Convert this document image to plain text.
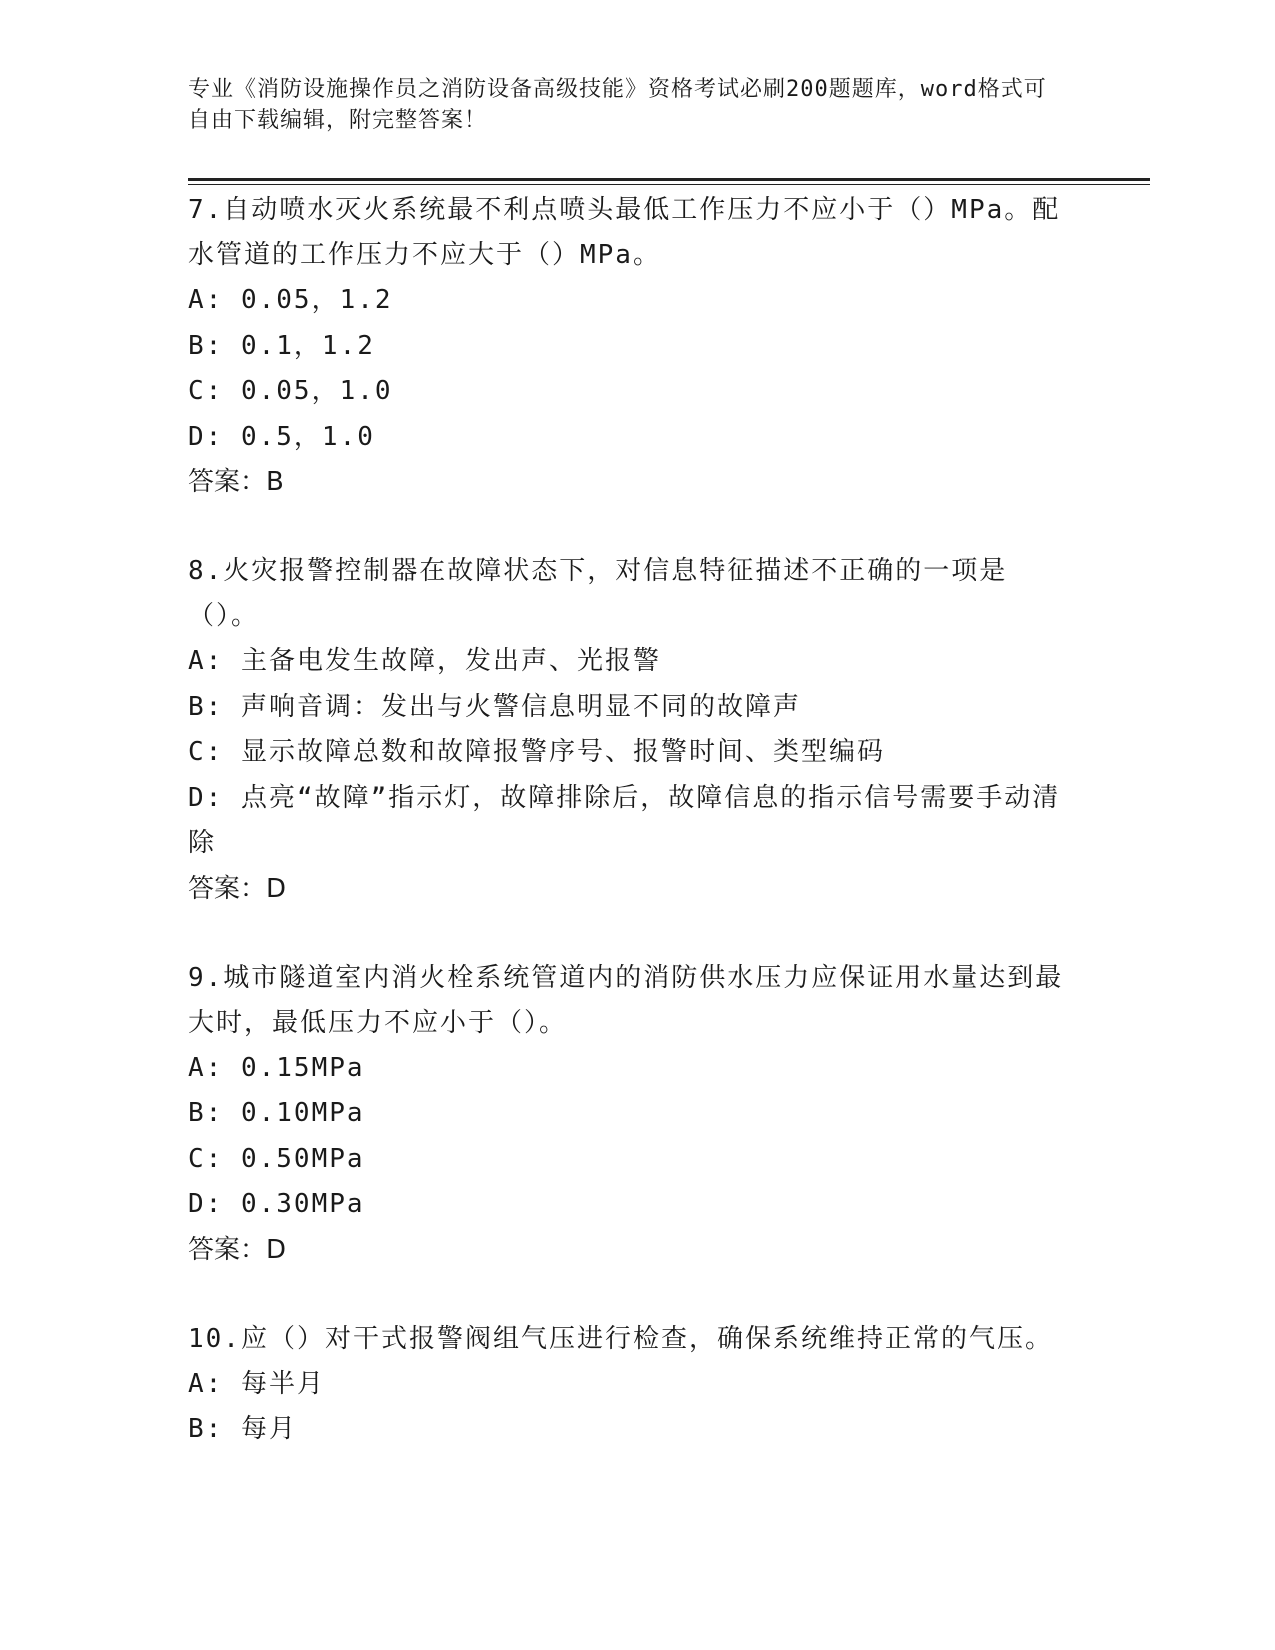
专业《消防设施操作员之消防设备高级技能》资格考试必刷200题题库，word格式可自由下载编辑，附完整答案！
7.自动喷水灭火系统最不利点喷头最低工作压力不应小于（）MPa。配水管道的工作压力不应大于（）MPa。
A: 0.05，1.2
B: 0.1，1.2
C: 0.05，1.0
D: 0.5，1.0
答案：B
8.火灾报警控制器在故障状态下，对信息特征描述不正确的一项是（）。
A: 主备电发生故障，发出声、光报警
B: 声响音调：发出与火警信息明显不同的故障声
C: 显示故障总数和故障报警序号、报警时间、类型编码
D: 点亮“故障”指示灯，故障排除后，故障信息的指示信号需要手动清除
答案：D
9.城市隧道室内消火栓系统管道内的消防供水压力应保证用水量达到最大时，最低压力不应小于（）。
A: 0.15MPa
B: 0.10MPa
C: 0.50MPa
D: 0.30MPa
答案：D
10.应（）对干式报警阀组气压进行检查，确保系统维持正常的气压。
A: 每半月
B: 每月
